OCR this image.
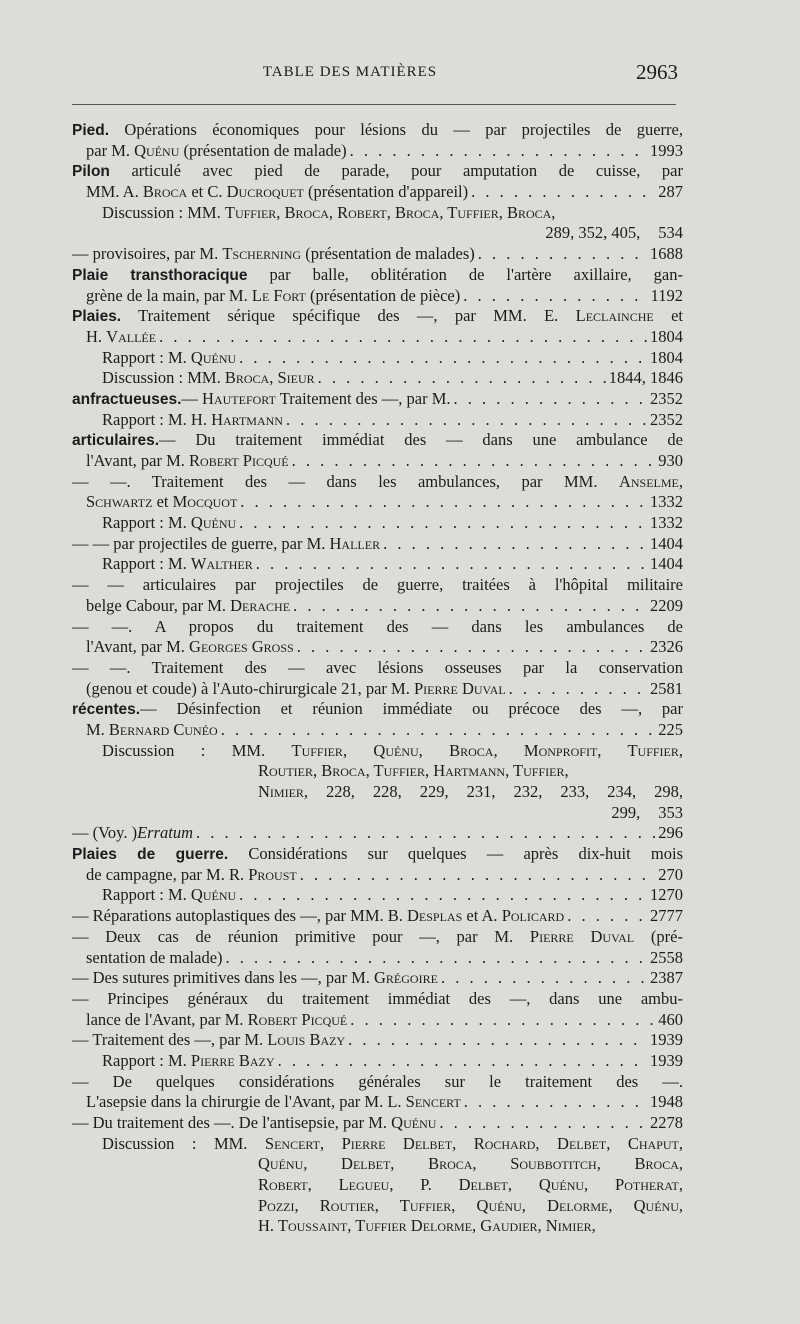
TABLE DES MATIÈRES	2963
Pied. Opérations économiques pour lésions du — par projectiles de guerre,
par M. Quénu (présentation de malade) . . .	1993
Pilon articulé avec pied de parade, pour amputation de cuisse, par
MM. A. Broca et C. Ducroquet (présentation d'appareil) . . .	287
Discussion : MM. Tuffier, Broca, Robert, Broca, Tuffier, Broca,
289, 352, 405, 534
— provisoires, par M. Tscherning (présentation de malades) . . .	1688
Plaie transthoracique par balle, oblitération de l'artère axillaire, gan-
grène de la main, par M. Le Fort (présentation de pièce) . . .	1192
Plaies. Traitement sérique spécifique des —, par MM. E. Leclainche et
H. Vallée . . .	1804
Rapport : M. Quénu . . .	1804
Discussion : MM. Broca, Sieur . . .	1844, 1846
anfractueuses.— Hautefort Traitement des —, par M. . . .	2352
Rapport : M. H. Hartmann . . .	2352
articulaires.— Du traitement immédiat des — dans une ambulance de
l'Avant, par M. Robert Picqué . . .	930
— —. Traitement des — dans les ambulances, par MM. Anselme,
Schwartz et Mocquot . . .	1332
Rapport : M. Quénu . . .	1332
— — par projectiles de guerre, par M. Haller . . .	1404
Rapport : M. Walther . . .	1404
— — articulaires par projectiles de guerre, traitées à l'hôpital militaire
belge Cabour, par M. Derache . . .	2209
— —. A propos du traitement des — dans les ambulances de
l'Avant, par M. Georges Gross . . .	2326
— —. Traitement des — avec lésions osseuses par la conservation
(genou et coude) à l'Auto-chirurgicale 21, par M. Pierre Duval . . .	2581
récentes.— Désinfection et réunion immédiate ou précoce des —, par
M. Bernard Cunéo . . .	225
Discussion : MM. Tuffier, Quénu, Broca, Monprofit, Tuffier,
Routier, Broca, Tuffier, Hartmann, Tuffier,
Nimier, 228, 228, 229, 231, 232, 233, 234, 298,
299, 353
— (Voy. )Erratum . . .	296
Plaies de guerre. Considérations sur quelques — après dix-huit mois
de campagne, par M. R. Proust . . .	270
Rapport : M. Quénu . . .	1270
— Réparations autoplastiques des —, par MM. B. Desplas et A. Policard . . .	2777
— Deux cas de réunion primitive pour —, par M. Pierre Duval (pré-
sentation de malade) . . .	2558
— Des sutures primitives dans les —, par M. Grégoire . . .	2387
— Principes généraux du traitement immédiat des —, dans une ambu-
lance de l'Avant, par M. Robert Picqué . . .	460
— Traitement des —, par M. Louis Bazy . . .	1939
Rapport : M. Pierre Bazy . . .	1939
— De quelques considérations générales sur le traitement des —.
L'asepsie dans la chirurgie de l'Avant, par M. L. Sencert . . .	1948
— Du traitement des —. De l'antisepsie, par M. Quénu . . .	2278
Discussion : MM. Sencert, Pierre Delbet, Rochard, Delbet, Chaput,
Quénu, Delbet, Broca, Soubbotitch, Broca,
Robert, Legueu, P. Delbet, Quénu, Potherat,
Pozzi, Routier, Tuffier, Quénu, Delorme, Quénu,
H. Toussaint, Tuffier Delorme, Gaudier, Nimier,
